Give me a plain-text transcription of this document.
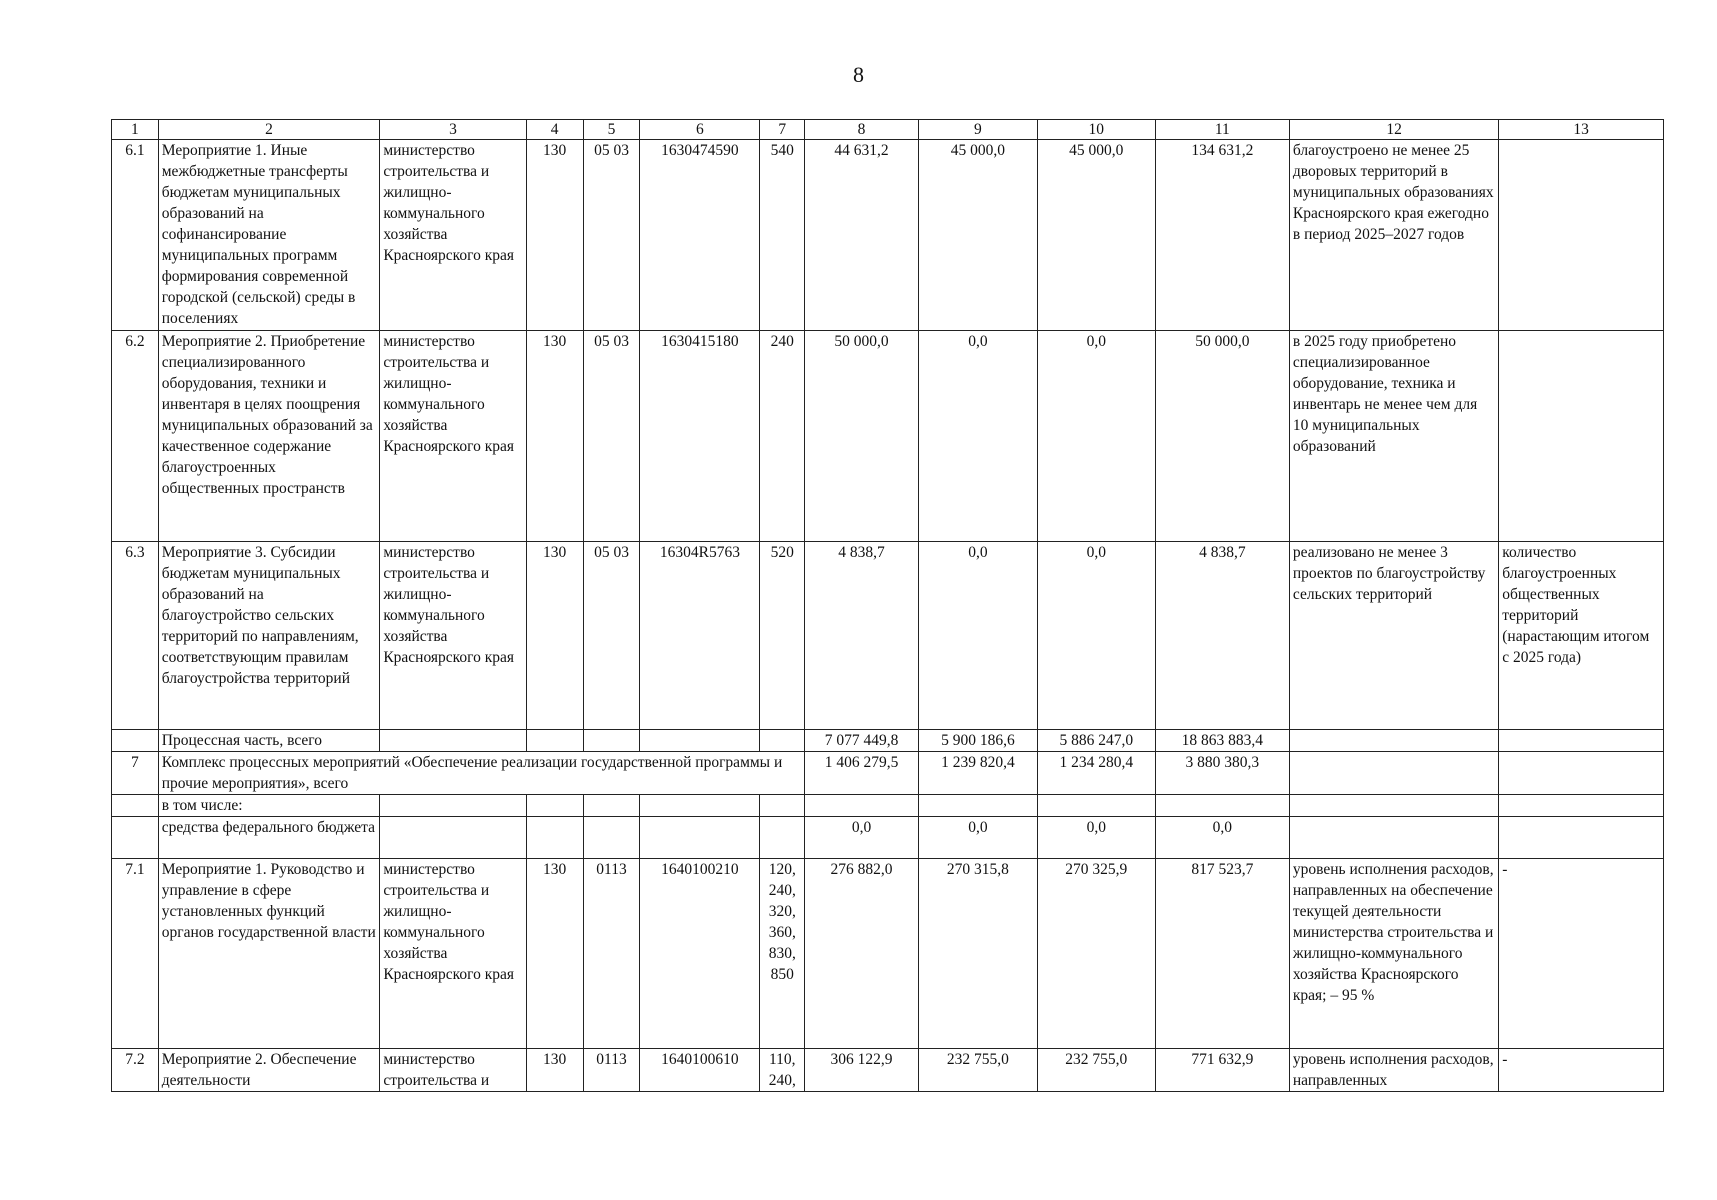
8
1	2	3	4	5	6	7	8	9	10	11	12	13
6.1	Мероприятие 1. Иные межбюджетные трансферты бюджетам муниципальных образований на софинансирование муниципальных программ формирования современной городской (сельской) среды в поселениях	министерство строительства и жилищно-коммунального хозяйства Красноярского края	130	05 03	1630474590	540	44 631,2	45 000,0	45 000,0	134 631,2	благоустроено не менее 25 дворовых территорий в муниципальных образованиях Красноярского края ежегодно в период 2025–2027 годов	
6.2	Мероприятие 2. Приобретение специализированного оборудования, техники и инвентаря в целях поощрения муниципальных образований за качественное содержание благоустроенных общественных пространств	министерство строительства и жилищно-коммунального хозяйства Красноярского края	130	05 03	1630415180	240	50 000,0	0,0	0,0	50 000,0	в 2025 году приобретено специализированное оборудование, техника и инвентарь не менее чем для 10 муниципальных образований	
6.3	Мероприятие 3. Субсидии бюджетам муниципальных образований на благоустройство сельских территорий по направлениям, соответствующим правилам благоустройства территорий	министерство строительства и жилищно-коммунального хозяйства Красноярского края	130	05 03	16304R5763	520	4 838,7	0,0	0,0	4 838,7	реализовано не менее 3 проектов по благоустройству сельских территорий	количество благоустроенных общественных территорий (нарастающим итогом с 2025 года)
	Процессная часть, всего						7 077 449,8	5 900 186,6	5 886 247,0	18 863 883,4		
7	Комплекс процессных мероприятий «Обеспечение реализации государственной программы и прочие мероприятия», всего						1 406 279,5	1 239 820,4	1 234 280,4	3 880 380,3		
	в том числе:											
	средства федерального бюджета						0,0	0,0	0,0	0,0		
7.1	Мероприятие 1. Руководство и управление в сфере установленных функций органов государственной власти	министерство строительства и жилищно-коммунального хозяйства Красноярского края	130	0113	1640100210	120, 240, 320, 360, 830, 850	276 882,0	270 315,8	270 325,9	817 523,7	уровень исполнения расходов, направленных на обеспечение текущей деятельности министерства строительства и жилищно-коммунального хозяйства Красноярского края; – 95 %	-
7.2	Мероприятие 2. Обеспечение деятельности	министерство строительства и	130	0113	1640100610	110, 240,	306 122,9	232 755,0	232 755,0	771 632,9	уровень исполнения расходов, направленных	-
